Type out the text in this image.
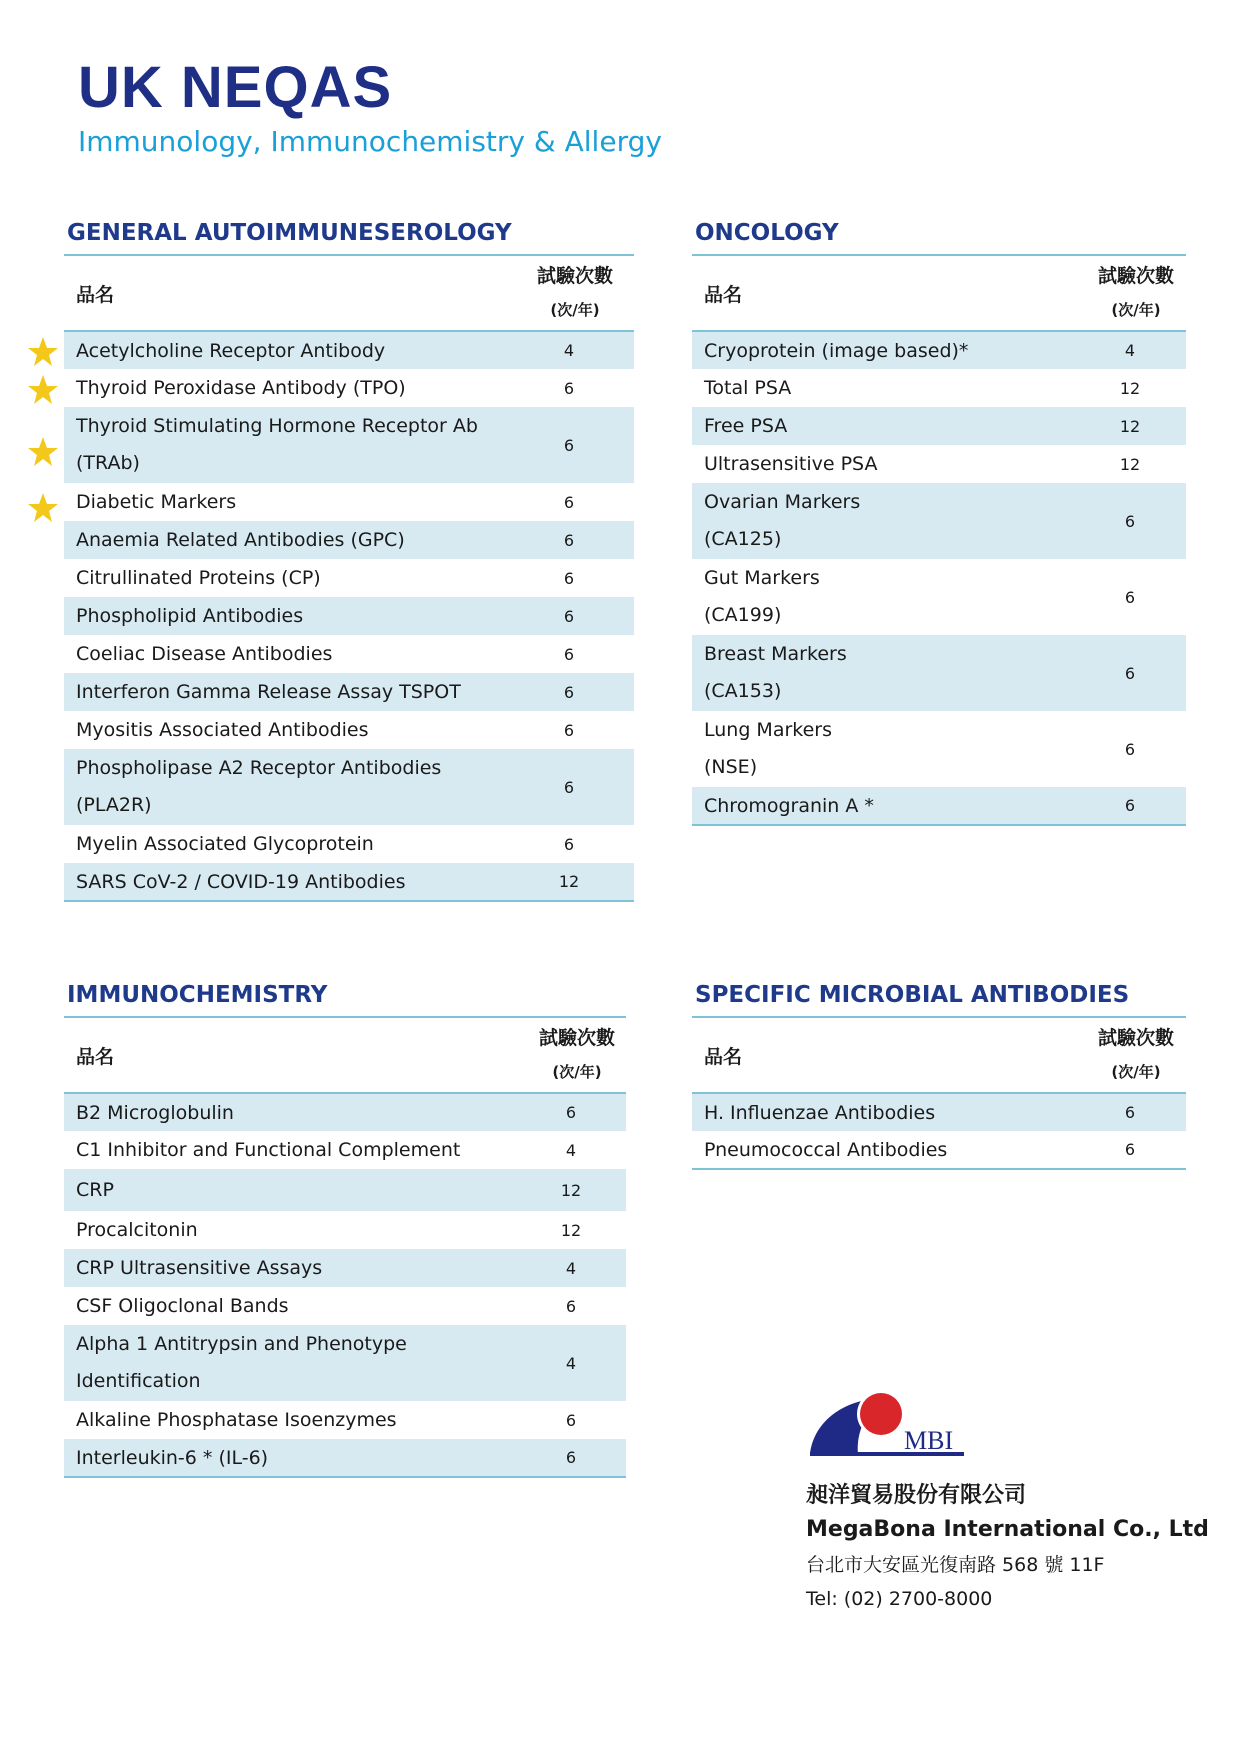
UK NEQAS
Immunology, Immunochemistry & Allergy
GENERAL AUTOIMMUNESEROLOGY
品名	試驗次數
(次/年)

Acetylcholine Receptor Antibody	4
Thyroid Peroxidase Antibody (TPO)	6

Thyroid Stimulating Hormone Receptor Ab
(TRAb)	6
Diabetic Markers	6
Anaemia Related Antibodies (GPC)	6
Citrullinated Proteins (CP)	6
Phospholipid Antibodies	6
Coeliac Disease Antibodies	6
Interferon Gamma Release Assay TSPOT	6
Myositis Associated Antibodies	6

Phospholipase A2 Receptor Antibodies
(PLA2R)	6
Myelin Associated Glycoprotein	6
SARS CoV-2 / COVID-19 Antibodies	12
ONCOLOGY
品名	試驗次數
(次/年)

Cryoprotein (image based)*	4
Total PSA	12
Free PSA	12
Ultrasensitive PSA	12

Ovarian Markers
(CA125)	6

Gut Markers
(CA199)	6

Breast Markers
(CA153)	6

Lung Markers
(NSE)	6
Chromogranin A *	6
IMMUNOCHEMISTRY
品名	試驗次數
(次/年)

B2 Microglobulin	6
C1 Inhibitor and Functional Complement	4
CRP	12
Procalcitonin	12
CRP Ultrasensitive Assays	4
CSF Oligoclonal Bands	6

Alpha 1 Antitrypsin and Phenotype
Identification	4
Alkaline Phosphatase Isoenzymes	6
Interleukin-6 * (IL-6)	6
SPECIFIC MICROBIAL ANTIBODIES
品名	試驗次數
(次/年)

H. Influenzae Antibodies	6
Pneumococcal Antibodies	6
MBI
昶洋貿易股份有限公司
MegaBona International Co., Ltd
台北市大安區光復南路 568 號 11F
Tel: (02) 2700-8000
